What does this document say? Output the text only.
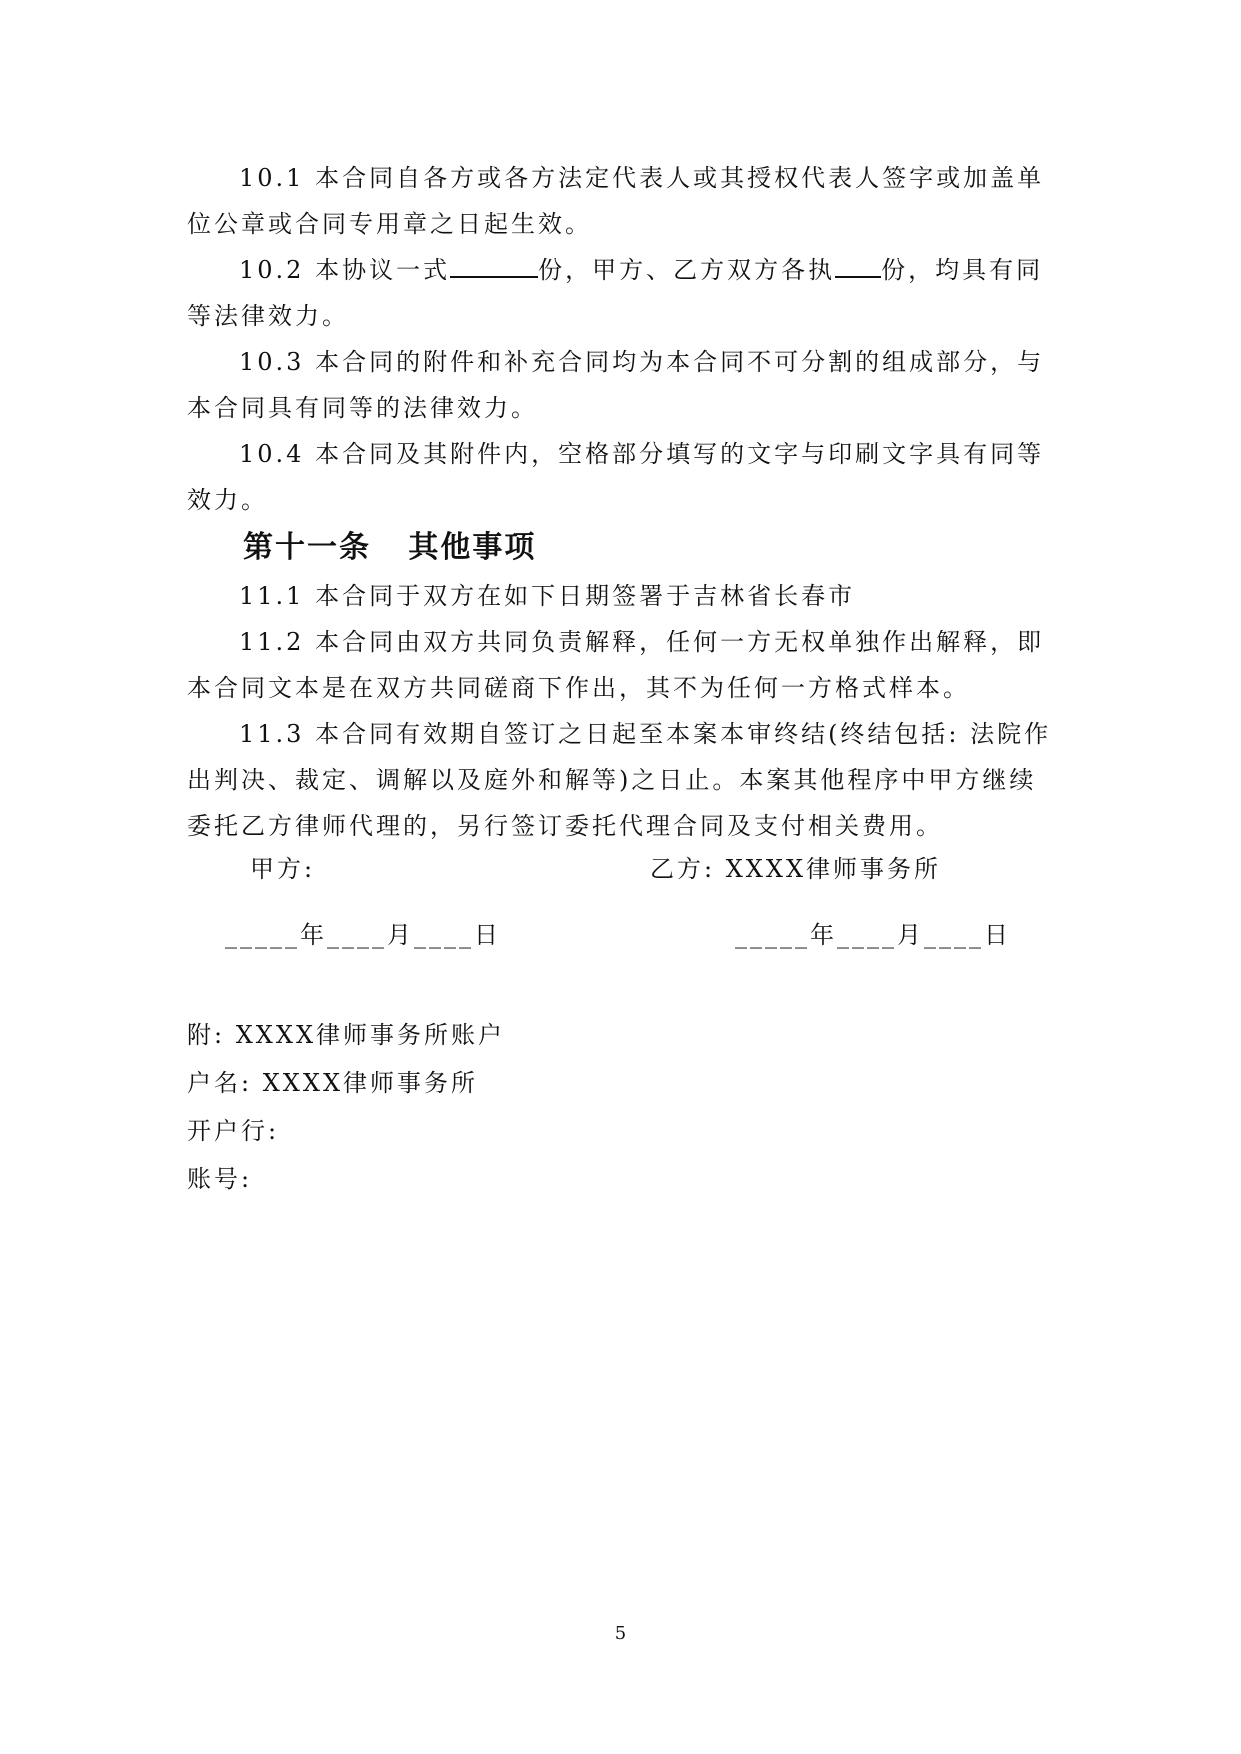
10.1 本合同自各方或各方法定代表人或其授权代表人签字或加盖单位公章或合同专用章之日起生效。

10.2 本协议一式	份，甲方、乙方双方各执 份，均具有同等法律效力。

10.3 本合同的附件和补充合同均为本合同不可分割的组成部分，与本合同具有同等的法律效力。

10.4 本合同及其附件内，空格部分填写的文字与印刷文字具有同等效力。

第十一条   其他事项

11.1 本合同于双方在如下日期签署于吉林省长春市

11.2 本合同由双方共同负责解释，任何一方无权单独作出解释，即本合同文本是在双方共同磋商下作出，其不为任何一方格式样本。

11.3 本合同有效期自签订之日起至本案本审终结(终结包括: 法院作出判决、裁定、调解以及庭外和解等)之日止。本案其他程序中甲方继续委托乙方律师代理的，另行签订委托代理合同及支付相关费用。

甲方:	乙方: XXXX律师事务所
_____年____月____日	_____年____月____日
附: XXXX律师事务所账户
户名: XXXX律师事务所
开户行:
账号:
5
